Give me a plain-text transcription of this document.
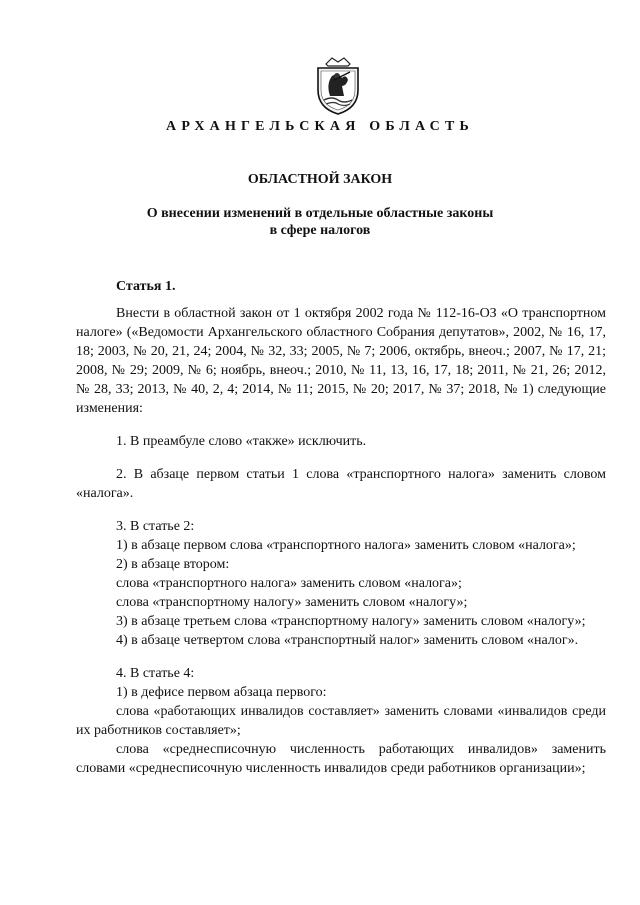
АРХАНГЕЛЬСКАЯ ОБЛАСТЬ
ОБЛАСТНОЙ ЗАКОН
О внесении изменений в отдельные областные законы
в сфере налогов
Статья 1.

Внести в областной закон от 1 октября 2002 года № 112-16-ОЗ «О транспортном налоге» («Ведомости Архангельского областного Собрания депутатов», 2002, № 16, 17, 18; 2003, № 20, 21, 24; 2004, № 32, 33; 2005, № 7; 2006, октябрь, внеоч.; 2007, № 17, 21; 2008, № 29; 2009, № 6; ноябрь, внеоч.; 2010, № 11, 13, 16, 17, 18; 2011, № 21, 26; 2012, № 28, 33; 2013, № 40, 2, 4; 2014, № 11; 2015, № 20; 2017, № 37; 2018, № 1) следующие изменения:

1. В преамбуле слово «также» исключить.

2. В абзаце первом статьи 1 слова «транспортного налога» заменить словом «налога».

3. В статье 2:

1) в абзаце первом слова «транспортного налога» заменить словом «налога»;

2) в абзаце втором:

слова «транспортного налога» заменить словом «налога»;

слова «транспортному налогу» заменить словом «налогу»;

3) в абзаце третьем слова «транспортному налогу» заменить словом «налогу»;

4) в абзаце четвертом слова «транспортный налог» заменить словом «налог».

4. В статье 4:

1) в дефисе первом абзаца первого:

слова «работающих инвалидов составляет» заменить словами «инвалидов среди их работников составляет»;

слова «среднесписочную численность работающих инвалидов» заменить словами «среднесписочную численность инвалидов среди работников организации»;
